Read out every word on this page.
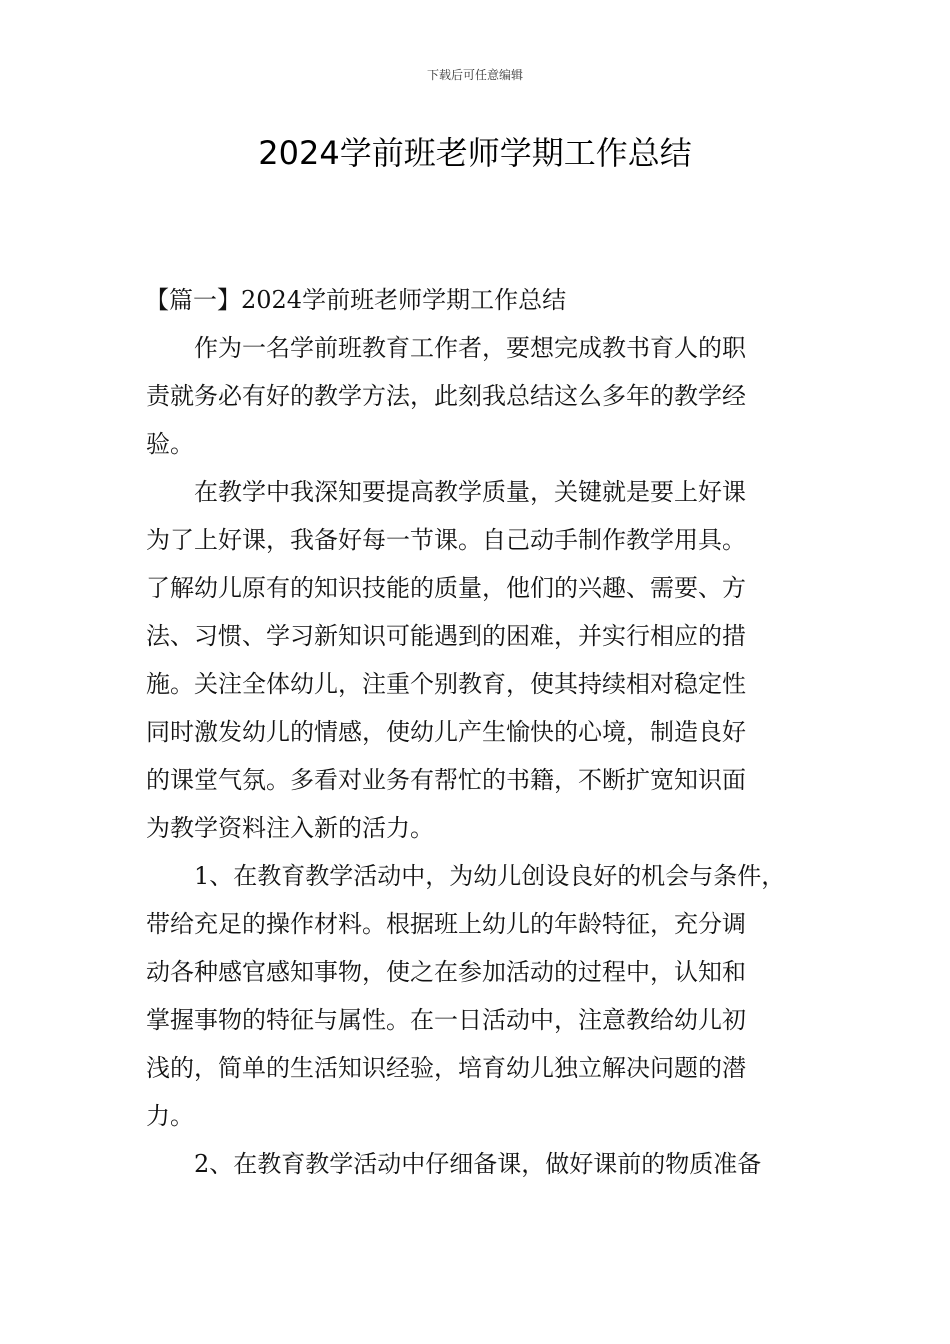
下载后可任意编辑
2024学前班老师学期工作总结
【篇一】2024学前班老师学期工作总结
　　作为一名学前班教育工作者，要想完成教书育人的职
责就务必有好的教学方法，此刻我总结这么多年的教学经
验。
　　在教学中我深知要提高教学质量，关键就是要上好课
为了上好课，我备好每一节课。自己动手制作教学用具。
了解幼儿原有的知识技能的质量，他们的兴趣、需要、方
法、习惯、学习新知识可能遇到的困难，并实行相应的措
施。关注全体幼儿，注重个别教育，使其持续相对稳定性
同时激发幼儿的情感，使幼儿产生愉快的心境，制造良好
的课堂气氛。多看对业务有帮忙的书籍，不断扩宽知识面
为教学资料注入新的活力。
　　1、在教育教学活动中，为幼儿创设良好的机会与条件，
带给充足的操作材料。根据班上幼儿的年龄特征，充分调
动各种感官感知事物，使之在参加活动的过程中，认知和
掌握事物的特征与属性。在一日活动中，注意教给幼儿初
浅的，简单的生活知识经验，培育幼儿独立解决问题的潜
力。
　　2、在教育教学活动中仔细备课，做好课前的物质准备
